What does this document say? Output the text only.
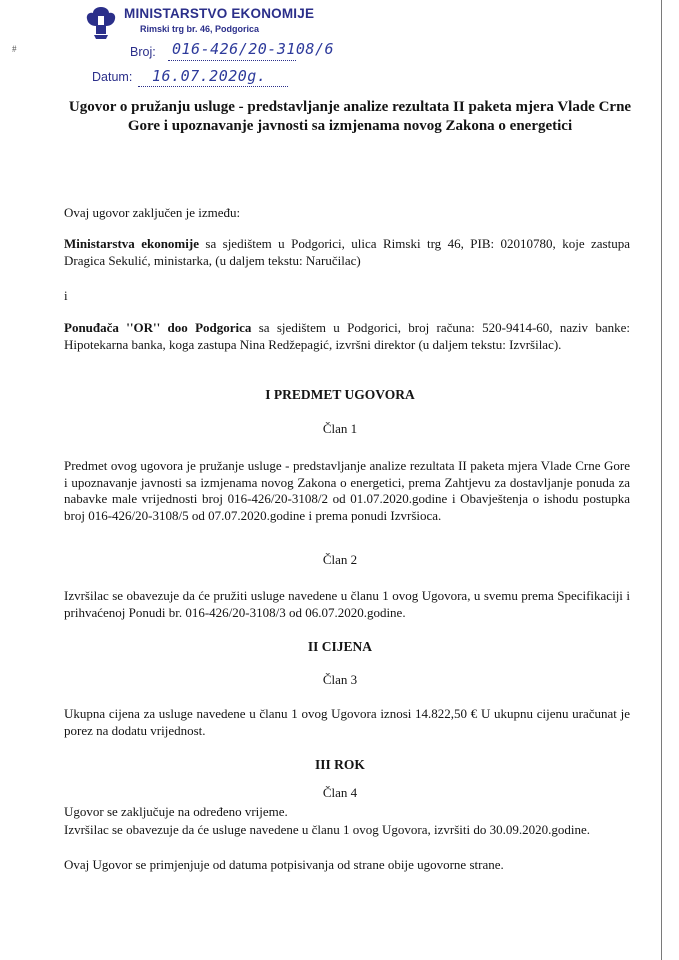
#
MINISTARSTVO EKONOMIJE
Rimski trg br. 46, Podgorica
Broj: 016-426/20-3108/6
Datum: 16.07.2020g.
Ugovor o pružanju usluge - predstavljanje analize rezultata II paketa mjera Vlade Crne Gore i upoznavanje javnosti sa izmjenama novog Zakona o energetici
Ovaj ugovor zaključen je između:
Ministarstva ekonomije sa sjedištem u Podgorici, ulica Rimski trg 46, PIB: 02010780, koje zastupa Dragica Sekulić, ministarka, (u daljem tekstu: Naručilac)
i
Ponuđača ''OR'' doo Podgorica sa sjedištem u Podgorici, broj računa: 520-9414-60, naziv banke: Hipotekarna banka, koga zastupa Nina Redžepagić, izvršni direktor (u daljem tekstu: Izvršilac).
I PREDMET UGOVORA
Član 1
Predmet ovog ugovora je pružanje usluge - predstavljanje analize rezultata II paketa mjera Vlade Crne Gore i upoznavanje javnosti sa izmjenama novog Zakona o energetici, prema Zahtjevu za dostavljanje ponuda za nabavke male vrijednosti broj 016-426/20-3108/2 od 01.07.2020.godine i Obavještenja o ishodu postupka broj 016-426/20-3108/5 od 07.07.2020.godine i prema ponudi Izvršioca.
Član 2
Izvršilac se obavezuje da će pružiti usluge navedene u članu 1 ovog Ugovora, u svemu prema Specifikaciji i prihvaćenoj Ponudi br. 016-426/20-3108/3 od 06.07.2020.godine.
II CIJENA
Član 3
Ukupna cijena za usluge navedene u članu 1 ovog Ugovora iznosi 14.822,50 € U ukupnu cijenu uračunat je porez na dodatu vrijednost.
III ROK
Član 4
Ugovor se zaključuje na određeno vrijeme.
Izvršilac se obavezuje da će usluge navedene u članu 1 ovog Ugovora, izvršiti do 30.09.2020.godine.
Ovaj Ugovor se primjenjuje od datuma potpisivanja od strane obije ugovorne strane.
